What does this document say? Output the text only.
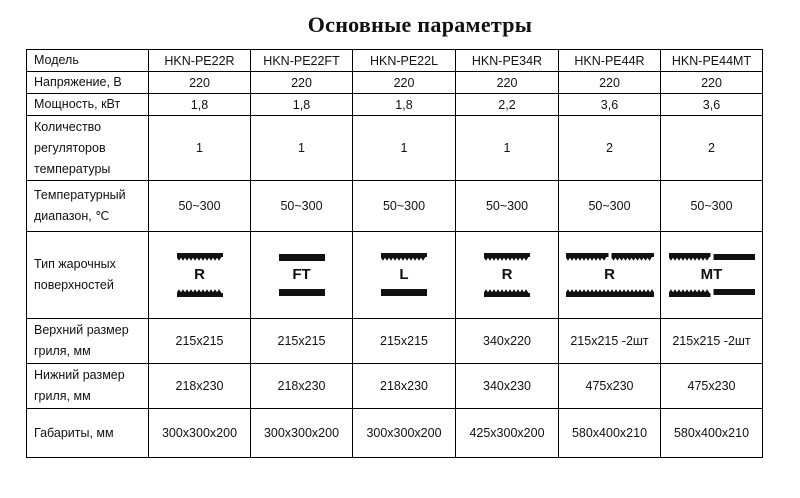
Основные параметры
Модель	HKN-PE22R	HKN-PE22FT	HKN-PE22L	HKN-PE34R	HKN-PE44R	HKN-PE44MT
Напряжение, В	220	220	220	220	220	220
Мощность, кВт	1,8	1,8	1,8	2,2	3,6	3,6
Количество регуляторов температуры	1	1	1	1	2	2
Температурный диапазон, ℃	50~300	50~300	50~300	50~300	50~300	50~300
Тип жарочных поверхностей	R	FT	L	R	R	MT

Верхний размер гриля, мм	215x215	215x215	215x215	340x220	215x215 -2шт	215x215 -2шт
Нижний размер гриля, мм	218x230	218x230	218x230	340x230	475x230	475x230
Габариты, мм	300x300x200	300x300x200	300x300x200	425x300x200	580x400x210	580x400x210
